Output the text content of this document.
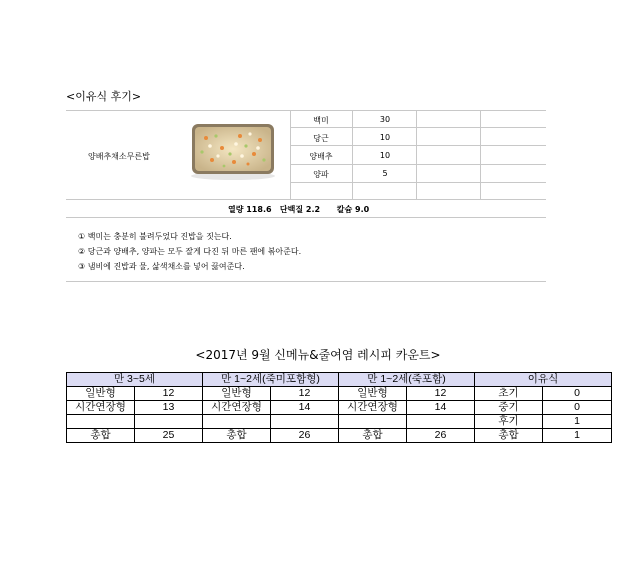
<이유식 후기>
양배추채소무른밥
백미	30
당근	10
양배추	10
양파	5
열량 118.6 단백질 2.2 칼슘 9.0
① 백미는 충분히 불려두었다 진밥을 짓는다.
② 당근과 양배추, 양파는 모두 잘게 다진 뒤 마른 팬에 볶아준다.
③ 냄비에 진밥과 물, 삶색채소를 넣어 끓여준다.
<2017년 9월 신메뉴&줄여염 레시피 카운트>
만 3~5세		만 1~2세(죽미포함형)		만 1~2세(죽포함)		이유식	
일반형	12	일반형	12	일반형	12	초기	0
시간연장형	13	시간연장형	14	시간연장형	14	중기	0
						후기	1
총합	25	총합	26	총합	26	총합	1
